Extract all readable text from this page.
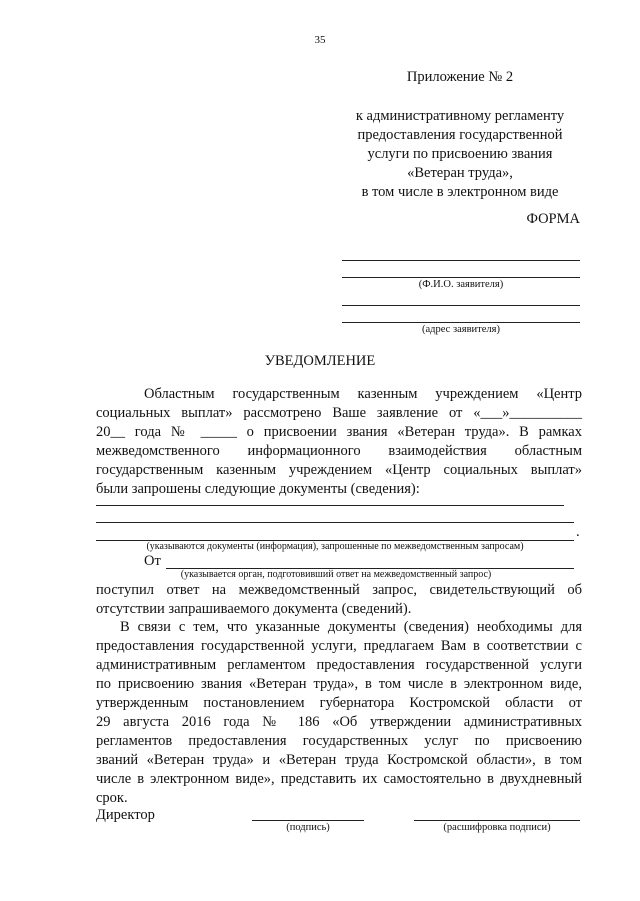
35
Приложение № 2
к административному регламенту
предоставления государственной
услуги по присвоению звания
«Ветеран труда»,
в том числе в электронном виде
ФОРМА
(Ф.И.О. заявителя)
(адрес заявителя)
УВЕДОМЛЕНИЕ
Областным государственным казенным учреждением «Центр
социальных выплат» рассмотрено Ваше заявление от «___»__________
20__ года № _____ о присвоении звания «Ветеран труда». В рамках
межведомственного информационного взаимодействия областным
государственным казенным учреждением «Центр социальных выплат»
были запрошены следующие документы (сведения):
.
(указываются документы (информация), запрошенные по межведомственным запросам)
От
(указывается орган, подготовивший ответ на межведомственный запрос)
поступил ответ на межведомственный запрос, свидетельствующий об
отсутствии запрашиваемого документа (сведений).
В связи с тем, что указанные документы (сведения) необходимы для
предоставления государственной услуги, предлагаем Вам в соответствии с
административным регламентом предоставления государственной услуги
по присвоению звания «Ветеран труда», в том числе в электронном виде,
утвержденным постановлением губернатора Костромской области от
29 августа 2016 года № 186 «Об утверждении административных
регламентов предоставления государственных услуг по присвоению
званий «Ветеран труда» и «Ветеран труда Костромской области», в том
числе в электронном виде», представить их самостоятельно в двухдневный
срок.
Директор
(подпись)	(расшифровка подписи)
